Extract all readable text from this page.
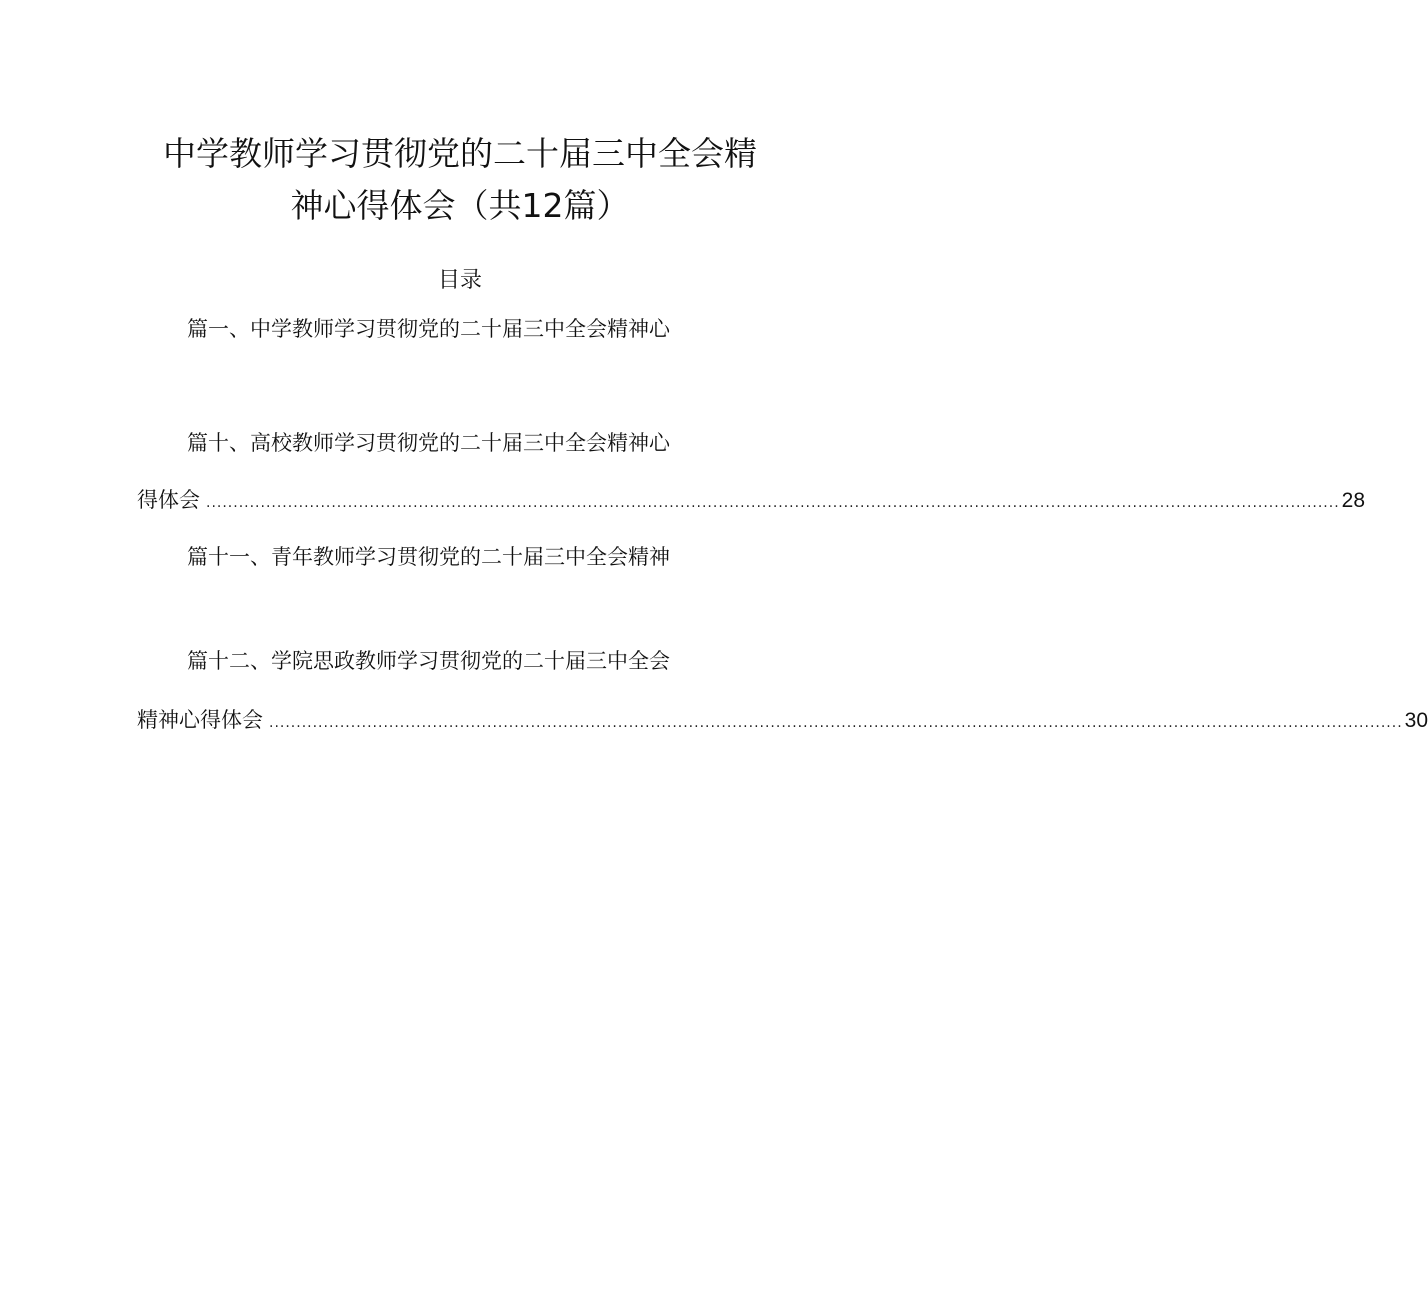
中学教师学习贯彻党的二十届三中全会精
神心得体会（共12篇）
目录
篇一、中学教师学习贯彻党的二十届三中全会精神心
篇十、高校教师学习贯彻党的二十届三中全会精神心
得体会 ................................................................................................................................................................................................................ 28
篇十一、青年教师学习贯彻党的二十届三中全会精神
篇十二、学院思政教师学习贯彻党的二十届三中全会
精神心得体会 ................................................................................................................................................................................................................ 30
